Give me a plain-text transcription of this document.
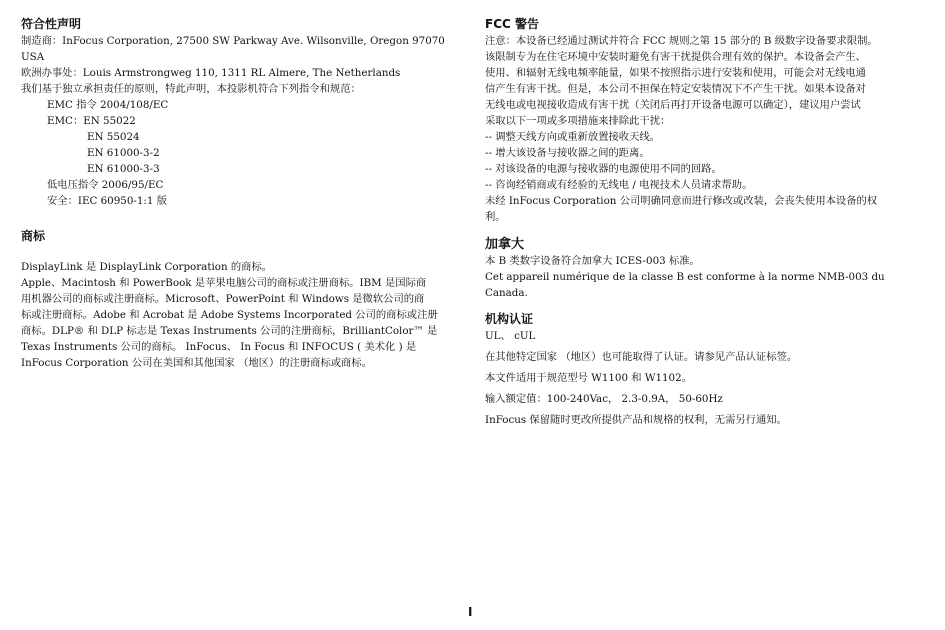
符合性声明

制造商：InFocus Corporation, 27500 SW Parkway Ave. Wilsonville, Oregon 97070

USA

欧洲办事处：Louis Armstrongweg 110, 1311 RL Almere, The Netherlands

我们基于独立承担责任的原则，特此声明，本投影机符合下列指令和规范：

EMC 指令 2004/108/EC

EMC：EN 55022

EN 55024

EN 61000-3-2

EN 61000-3-3

低电压指令 2006/95/EC

安全：IEC 60950-1:1 版

商标

DisplayLink 是 DisplayLink Corporation 的商标。

Apple、Macintosh 和 PowerBook 是苹果电脑公司的商标或注册商标。IBM 是国际商

用机器公司的商标或注册商标。Microsoft、PowerPoint 和 Windows 是微软公司的商

标或注册商标。Adobe 和 Acrobat 是 Adobe Systems Incorporated 公司的商标或注册

商标。DLP® 和 DLP 标志是 Texas Instruments 公司的注册商标，BrilliantColor™ 是

Texas Instruments 公司的商标。 InFocus、 In Focus 和 INFOCUS ( 美术化 ) 是

InFocus Corporation 公司在美国和其他国家 （地区）的注册商标或商标。

FCC 警告

注意：本设备已经通过测试并符合 FCC 规则之第 15 部分的 B 级数字设备要求限制。

该限制专为在住宅环境中安装时避免有害干扰提供合理有效的保护。本设备会产生、

使用、和辐射无线电频率能量，如果不按照指示进行安装和使用，可能会对无线电通

信产生有害干扰。但是，本公司不担保在特定安装情况下不产生干扰。如果本设备对

无线电或电视接收造成有害干扰（关闭后再打开设备电源可以确定），建议用户尝试

采取以下一项或多项措施来排除此干扰：

-- 调整天线方向或重新放置接收天线。

-- 增大该设备与接收器之间的距离。

-- 对该设备的电源与接收器的电源使用不同的回路。

-- 咨询经销商或有经验的无线电 / 电视技术人员请求帮助。

未经 InFocus Corporation 公司明确同意而进行修改或改装，会丧失使用本设备的权

利。

加拿大

本 B 类数字设备符合加拿大 ICES-003 标准。

Cet appareil numérique de la classe B est conforme à la norme NMB-003 du Canada.

机构认证

UL、 cUL

在其他特定国家 （地区）也可能取得了认证。请参见产品认证标签。

本文件适用于规范型号 W1100 和 W1102。

输入额定值：100-240Vac， 2.3-0.9A， 50-60Hz

InFocus 保留随时更改所提供产品和规格的权利，无需另行通知。

I
